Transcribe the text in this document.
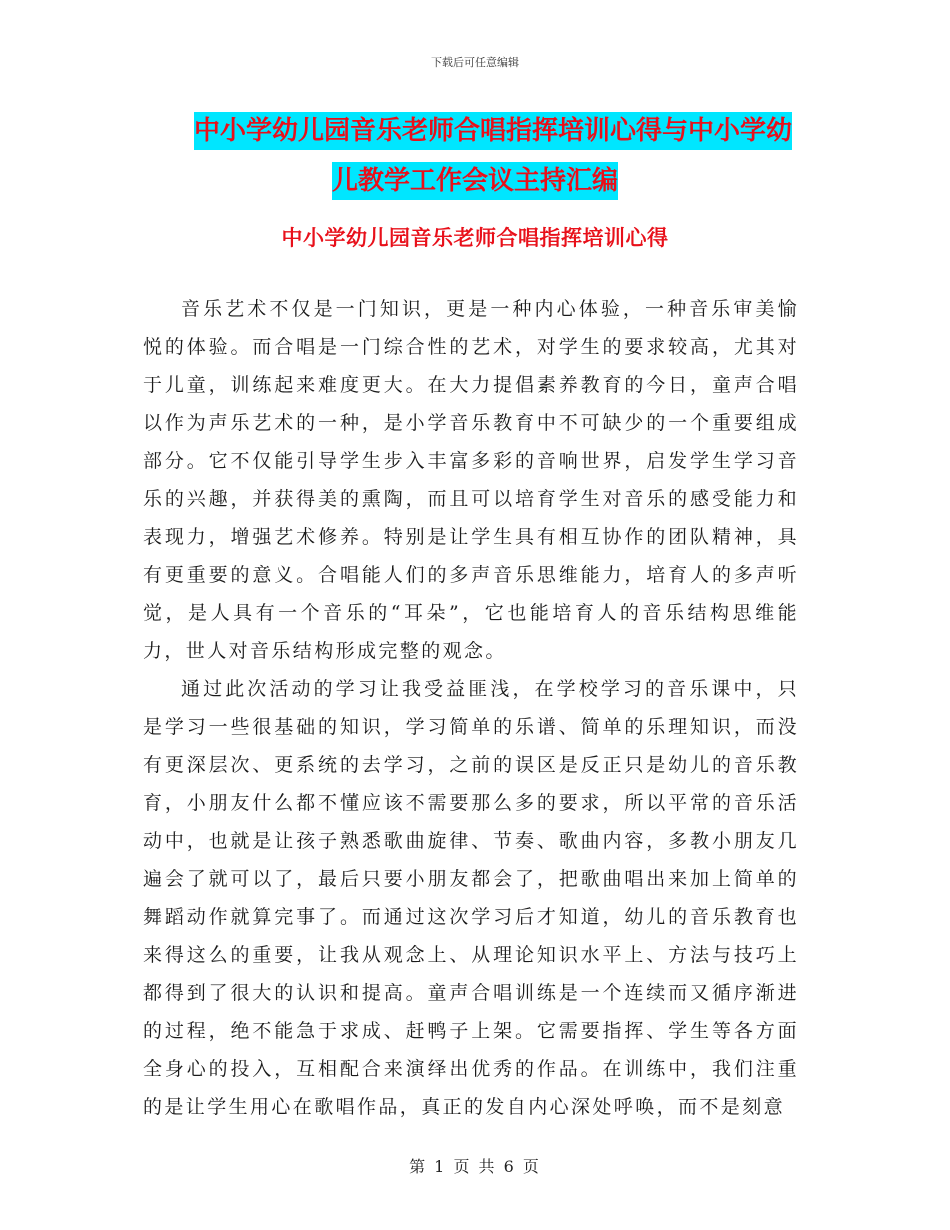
下载后可任意编辑
中小学幼儿园音乐老师合唱指挥培训心得与中小学幼
儿教学工作会议主持汇编
中小学幼儿园音乐老师合唱指挥培训心得

音乐艺术不仅是一门知识，更是一种内心体验，一种音乐审美愉悦的体验。而合唱是一门综合性的艺术，对学生的要求较高，尤其对于儿童，训练起来难度更大。在大力提倡素养教育的今日，童声合唱以作为声乐艺术的一种，是小学音乐教育中不可缺少的一个重要组成部分。它不仅能引导学生步入丰富多彩的音响世界，启发学生学习音乐的兴趣，并获得美的熏陶，而且可以培育学生对音乐的感受能力和表现力，增强艺术修养。特别是让学生具有相互协作的团队精神，具有更重要的意义。合唱能人们的多声音乐思维能力，培育人的多声听觉，是人具有一个音乐的“耳朵”，它也能培育人的音乐结构思维能力，世人对音乐结构形成完整的观念。

通过此次活动的学习让我受益匪浅，在学校学习的音乐课中，只是学习一些很基础的知识，学习简单的乐谱、简单的乐理知识，而没有更深层次、更系统的去学习，之前的误区是反正只是幼儿的音乐教育，小朋友什么都不懂应该不需要那么多的要求，所以平常的音乐活动中，也就是让孩子熟悉歌曲旋律、节奏、歌曲内容，多教小朋友几遍会了就可以了，最后只要小朋友都会了，把歌曲唱出来加上简单的舞蹈动作就算完事了。而通过这次学习后才知道，幼儿的音乐教育也来得这么的重要，让我从观念上、从理论知识水平上、方法与技巧上都得到了很大的认识和提高。童声合唱训练是一个连续而又循序渐进的过程，绝不能急于求成、赶鸭子上架。它需要指挥、学生等各方面全身心的投入，互相配合来演绎出优秀的作品。在训练中，我们注重的是让学生用心在歌唱作品，真正的发自内心深处呼唤，而不是刻意

第 1 页 共 6 页
